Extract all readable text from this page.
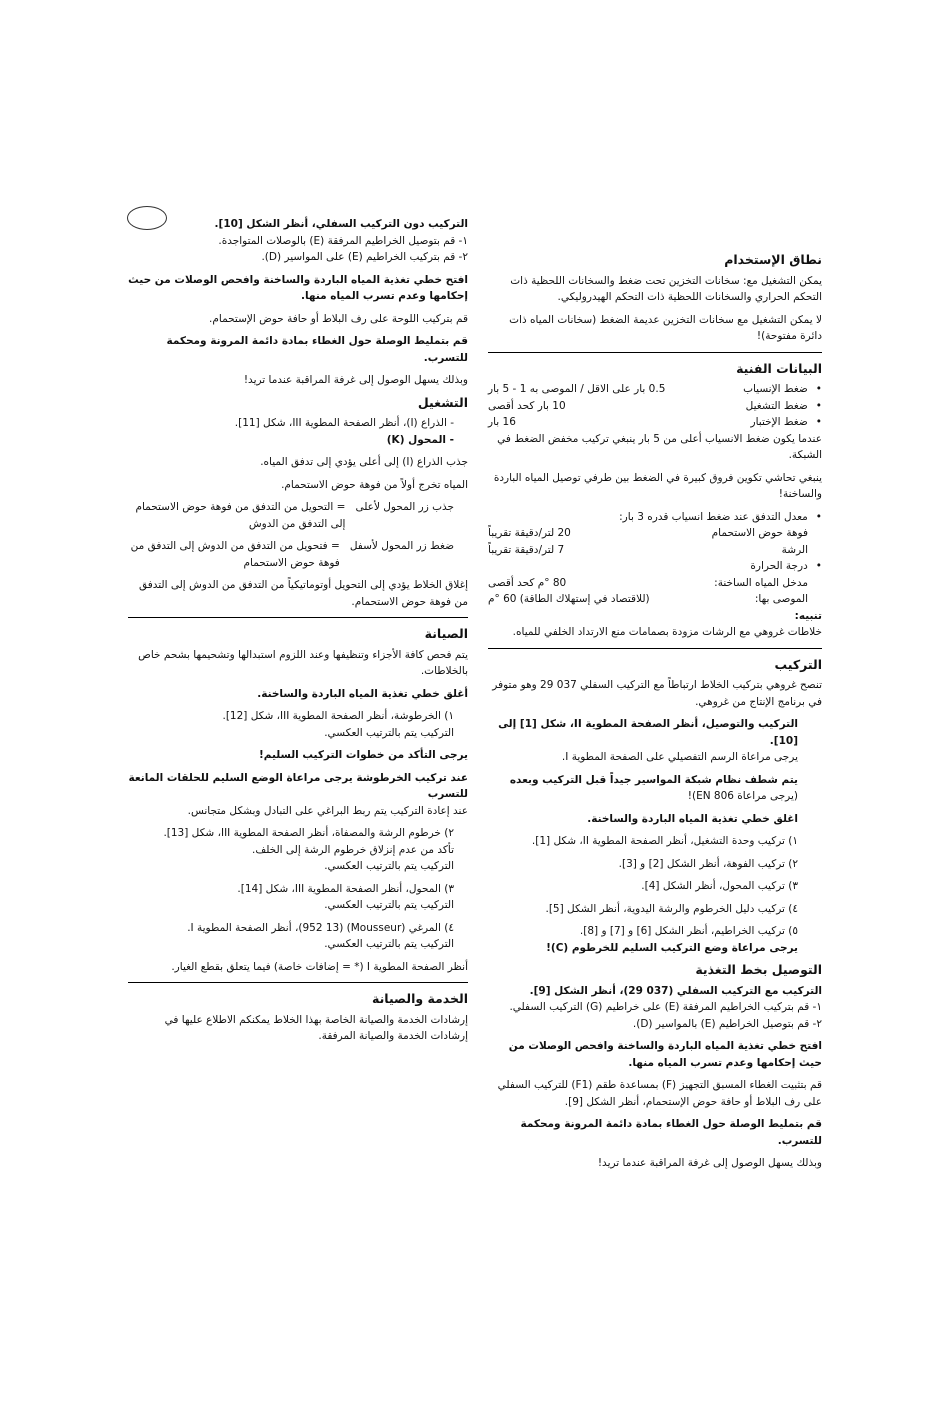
نطاق الإستخدام

يمكن التشغيل مع: سخانات التخزين تحت ضغط والسخانات اللحظية ذات التحكم الحراري والسخانات اللحظية ذات التحكم الهيدروليكي.

لا يمكن التشغيل مع سخانات التخزين عديمة الضغط (سخانات المياه ذات دائرة مفتوحة)!

البيانات الفنية
• ضغط الإنسياب
0.5 بار على الاقل / الموصى به 1 - 5 بار
• ضغط التشغيل
10 بار كحد أقصى
• ضغط الإختبار
16 بار

عندما يكون ضغط الانسياب أعلى من 5 بار ينبغي تركيب مخفض الضغط في الشبكة.

ينبغي تحاشي تكوين فروق كبيرة في الضغط بين طرفي توصيل المياه الباردة والساخنة!

• معدل التدفق عند ضغط انسياب قدره 3 بار:
فوهة حوض الاستحمام
20 لتر/دقيقة تقريباً
الرشة
7 لتر/دقيقة تقريباً
• درجة الحرارة
مدخل المياه الساخنة:
80 °م كحد أقصى
الموصى بها:
(للاقتصاد في إستهلاك الطاقة) 60 °م
تنبيه:

خلاطات غروهي مع الرشات مزودة بصمامات منع الارتداد الخلفي للمياه.

التركيب

تنصح غروهي بتركيب الخلاط ارتباطاً مع التركيب السفلي 037 29 وهو متوفر في برنامج الإنتاج من غروهي.

التركيب والتوصيل، أنظر الصفحة المطوية II، شكل [1] إلى [10].

يرجى مراعاة الرسم التفصيلي على الصفحة المطوية I.

يتم شطف نظام شبكة المواسير جيداً قبل التركيب وبعده

(يرجى مراعاة EN 806)!

اغلق خطي تغذية المياه الباردة والساخنة.

١) تركيب وحدة التشغيل، أنظر الصفحة المطوية II، شكل [1].

٢) تركيب الفوهة، أنظر الشكل [2] و [3].

٣) تركيب المحول، أنظر الشكل [4].

٤) تركيب دليل الخرطوم والرشة اليدوية، أنظر الشكل [5].

٥) تركيب الخراطيم، أنظر الشكل [6] و [7] و [8].

يرجى مراعاة وضع التركيب السليم للخرطوم (C)!

التوصيل بخط التغذية
التركيب مع التركيب السفلي (037 29)، أنظر الشكل [9].
١- قم بتركيب الخراطيم المرفقة (E) على خراطيم (G) التركيب السفلي.

٢- قم بتوصيل الخراطيم (E) بالمواسير (D).

افتح خطي تغذية المياه الباردة والساخنة وافحص الوصلات من حيث إحكامها وعدم تسرب المياه منها.

قم بتثبيت الغطاء المسبق التجهيز (F) بمساعدة طقم (F1) للتركيب السفلي على رف البلاط أو حافة حوض الإستحمام، أنظر الشكل [9].

قم بتمليط الوصلة حول الغطاء بمادة دائمة المرونة ومحكمة للتسرب.

وبذلك يسهل الوصول إلى غرفة المراقبة عندما تريد!

التركيب دون التركيب السفلي، أنظر الشكل [10].
١- قم بتوصيل الخراطيم المرفقة (E) بالوصلات المتواجدة.

٢- قم بتركيب الخراطيم (E) على المواسير (D).

افتح خطي تغذية المياه الباردة والساخنة وافحص الوصلات من حيث إحكامها وعدم تسرب المياه منها.

قم بتركيب اللوحة على رف البلاط أو حافة حوض الإستحمام.

قم بتمليط الوصلة حول الغطاء بمادة دائمة المرونة ومحكمة للتسرب.

وبذلك يسهل الوصول إلى غرفة المراقبة عندما تريد!

التشغيل
- الذراع (I)، أنظر الصفحة المطوية III، شكل [11].

- المحول (K)

جذب الذراع (I) إلى أعلى يؤدي إلى تدفق المياه.

المياه تخرج أولاً من فوهة حوض الاستحمام.

جذب زر المحول لأعلى
= التحويل من التدفق من فوهة حوض الاستحمام إلى التدفق من الدوش
ضغط زر المحول لأسفل
= فتحويل من التدفق من الدوش إلى التدفق من فوهة حوض الاستحمام

إغلاق الخلاط يؤدي إلى التحويل أوتوماتيكياً من التدفق من الدوش إلى التدفق من فوهة حوض الاستحمام.

الصيانة

يتم فحص كافة الأجزاء وتنظيفها وعند اللزوم استبدالها وتشحيمها بشحم خاص بالخلاطات.

أغلق خطي تغذية المياه الباردة والساخنة.

١) الخرطوشة، أنظر الصفحة المطوية III، شكل [12].

التركيب يتم بالترتيب العكسي.

يرجى التأكد من خطوات التركيب السليم!

عند تركيب الخرطوشة يرجى مراعاة الوضع السليم للحلقات المانعة للتسرب

عند إعادة التركيب يتم ربط البراغي على التبادل وبشكل متجانس.

٢) خرطوم الرشة والمصفاة، أنظر الصفحة المطوية III، شكل [13].
تأكد من عدم إنزلاق خرطوم الرشة إلى الخلف.

التركيب يتم بالترتيب العكسي.

٣) المحول، أنظر الصفحة المطوية III، شكل [14].

التركيب يتم بالترتيب العكسي.

٤) المرغي (Mousseur) (952 13)، أنظر الصفحة المطوية I.

التركيب يتم بالترتيب العكسي.

أنظر الصفحة المطوية I (* = إضافات خاصة) فيما يتعلق بقطع الغيار.

الخدمة والصيانة

إرشادات الخدمة والصيانة الخاصة بهذا الخلاط يمكنكم الاطلاع عليها في إرشادات الخدمة والصيانة المرفقة.
